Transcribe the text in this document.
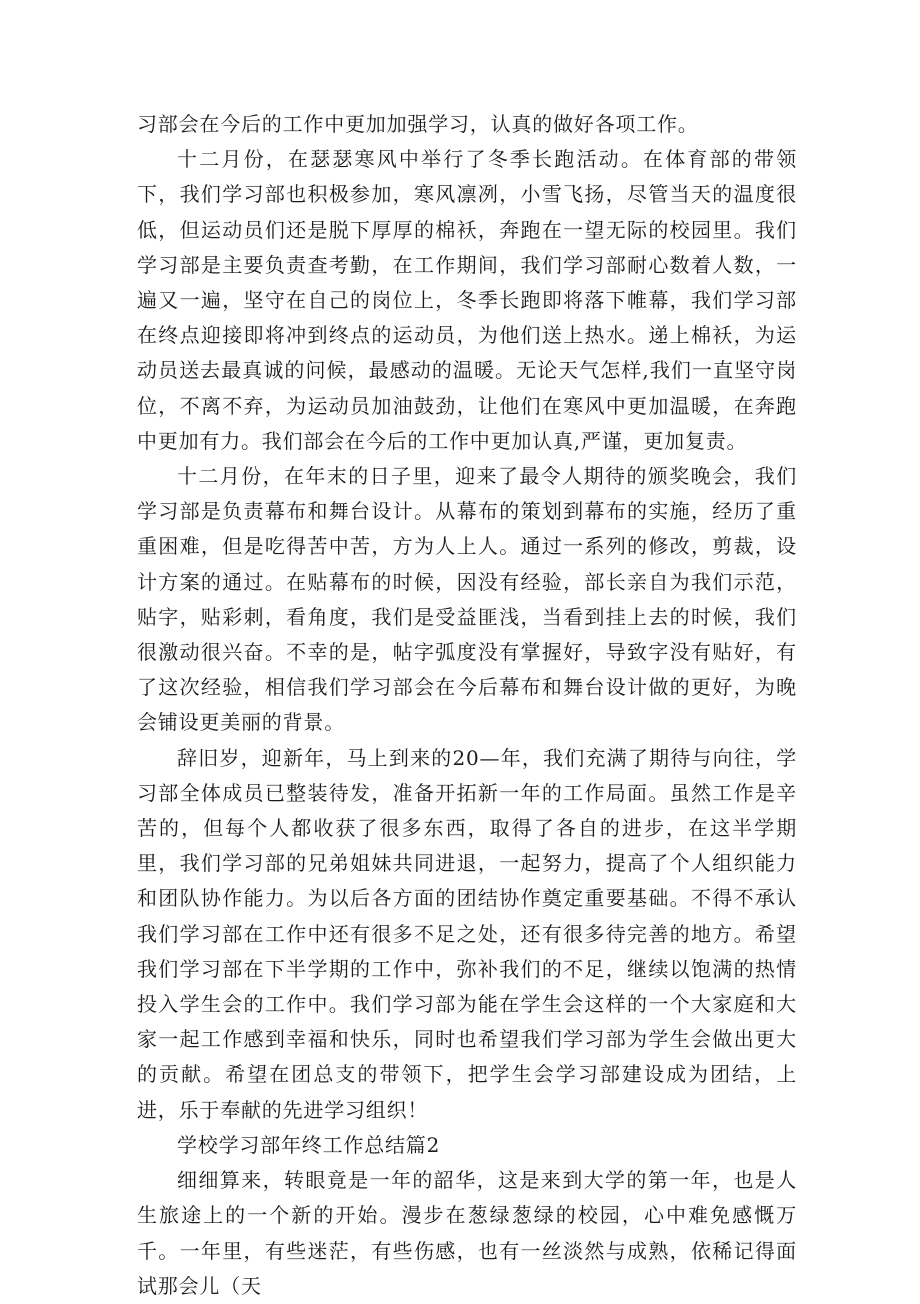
习部会在今后的工作中更加加强学习，认真的做好各项工作。

十二月份，在瑟瑟寒风中举行了冬季长跑活动。在体育部的带领下，我们学习部也积极参加，寒风凛冽，小雪飞扬，尽管当天的温度很低，但运动员们还是脱下厚厚的棉袄，奔跑在一望无际的校园里。我们学习部是主要负责查考勤，在工作期间，我们学习部耐心数着人数，一遍又一遍，坚守在自己的岗位上，冬季长跑即将落下帷幕，我们学习部在终点迎接即将冲到终点的运动员，为他们送上热水。递上棉袄，为运动员送去最真诚的问候，最感动的温暖。无论天气怎样,我们一直坚守岗位，不离不弃，为运动员加油鼓劲，让他们在寒风中更加温暖，在奔跑中更加有力。我们部会在今后的工作中更加认真,严谨，更加复责。

十二月份，在年末的日子里，迎来了最令人期待的颁奖晚会，我们学习部是负责幕布和舞台设计。从幕布的策划到幕布的实施，经历了重重困难，但是吃得苦中苦，方为人上人。通过一系列的修改，剪裁，设计方案的通过。在贴幕布的时候，因没有经验，部长亲自为我们示范，贴字，贴彩刺，看角度，我们是受益匪浅，当看到挂上去的时候，我们很激动很兴奋。不幸的是，帖字弧度没有掌握好，导致字没有贴好，有了这次经验，相信我们学习部会在今后幕布和舞台设计做的更好，为晚会铺设更美丽的背景。

辞旧岁，迎新年，马上到来的20—年，我们充满了期待与向往，学习部全体成员已整装待发，准备开拓新一年的工作局面。虽然工作是辛苦的，但每个人都收获了很多东西，取得了各自的进步，在这半学期里，我们学习部的兄弟姐妹共同进退，一起努力，提高了个人组织能力和团队协作能力。为以后各方面的团结协作奠定重要基础。不得不承认我们学习部在工作中还有很多不足之处，还有很多待完善的地方。希望我们学习部在下半学期的工作中，弥补我们的不足，继续以饱满的热情投入学生会的工作中。我们学习部为能在学生会这样的一个大家庭和大家一起工作感到幸福和快乐，同时也希望我们学习部为学生会做出更大的贡献。希望在团总支的带领下，把学生会学习部建设成为团结，上进，乐于奉献的先进学习组织！

学校学习部年终工作总结篇2

细细算来，转眼竟是一年的韶华，这是来到大学的第一年，也是人生旅途上的一个新的开始。漫步在葱绿葱绿的校园，心中难免感慨万千。一年里，有些迷茫，有些伤感，也有一丝淡然与成熟，依稀记得面试那会儿（天
